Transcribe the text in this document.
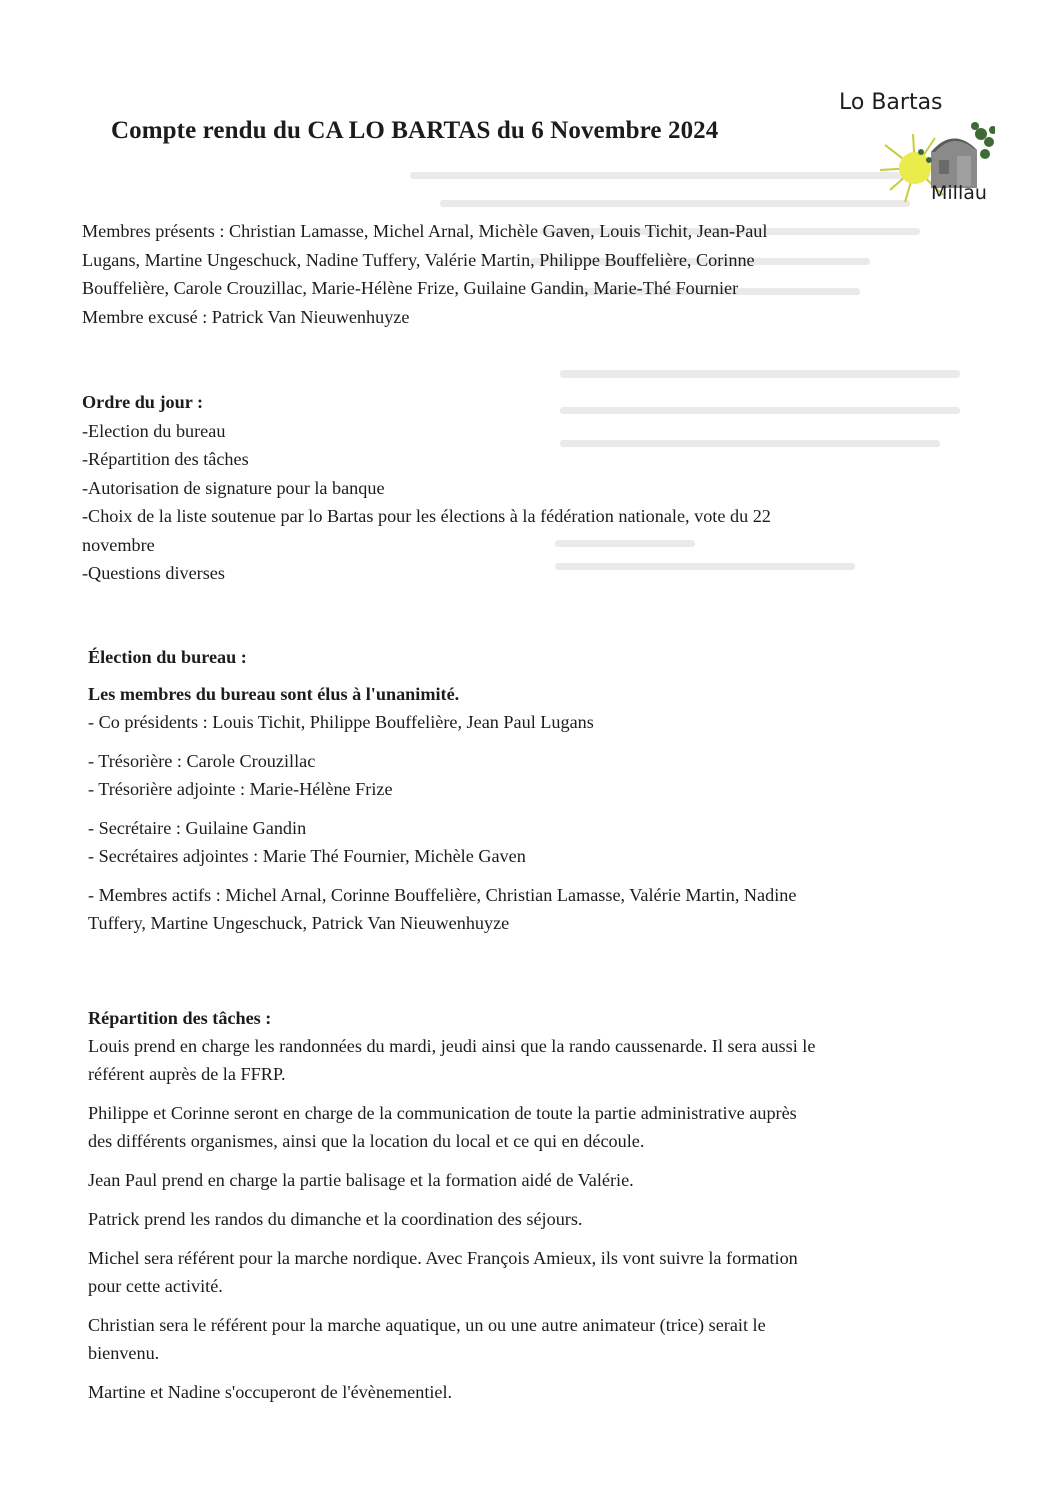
Lo Bartas
Millau
Compte rendu du CA LO BARTAS du 6 Novembre 2024
Membres présents : Christian Lamasse, Michel Arnal, Michèle Gaven, Louis Tichit, Jean-Paul
Lugans, Martine Ungeschuck, Nadine Tuffery, Valérie Martin, Philippe Bouffelière, Corinne
Bouffelière, Carole Crouzillac, Marie-Hélène Frize, Guilaine Gandin, Marie-Thé Fournier
Membre excusé : Patrick Van Nieuwenhuyze
Ordre du jour :
-Election du bureau
-Répartition des tâches
-Autorisation de signature pour la banque
-Choix de la liste soutenue par lo Bartas pour les élections à la fédération nationale, vote du 22
novembre
-Questions diverses
Élection du bureau :
Les membres du bureau sont élus à l'unanimité.
- Co présidents : Louis Tichit, Philippe Bouffelière, Jean Paul Lugans
- Trésorière : Carole Crouzillac
- Trésorière adjointe : Marie-Hélène Frize
- Secrétaire : Guilaine Gandin
- Secrétaires adjointes : Marie Thé Fournier, Michèle Gaven
- Membres actifs : Michel Arnal, Corinne Bouffelière, Christian Lamasse, Valérie Martin, Nadine
Tuffery, Martine Ungeschuck, Patrick Van Nieuwenhuyze
Répartition des tâches :
Louis prend en charge les randonnées du mardi, jeudi ainsi que la rando caussenarde. Il sera aussi le
référent auprès de la FFRP.
Philippe et Corinne seront en charge de la communication de toute la partie administrative auprès
des différents organismes, ainsi que la location du local et ce qui en découle.
Jean Paul prend en charge la partie balisage et la formation aidé de Valérie.
Patrick prend les randos du dimanche et la coordination des séjours.
Michel sera référent pour la marche nordique. Avec François Amieux, ils vont suivre la formation
pour cette activité.
Christian sera le référent pour la marche aquatique, un ou une autre animateur (trice) serait le
bienvenu.
Martine et Nadine s'occuperont de l'évènementiel.
